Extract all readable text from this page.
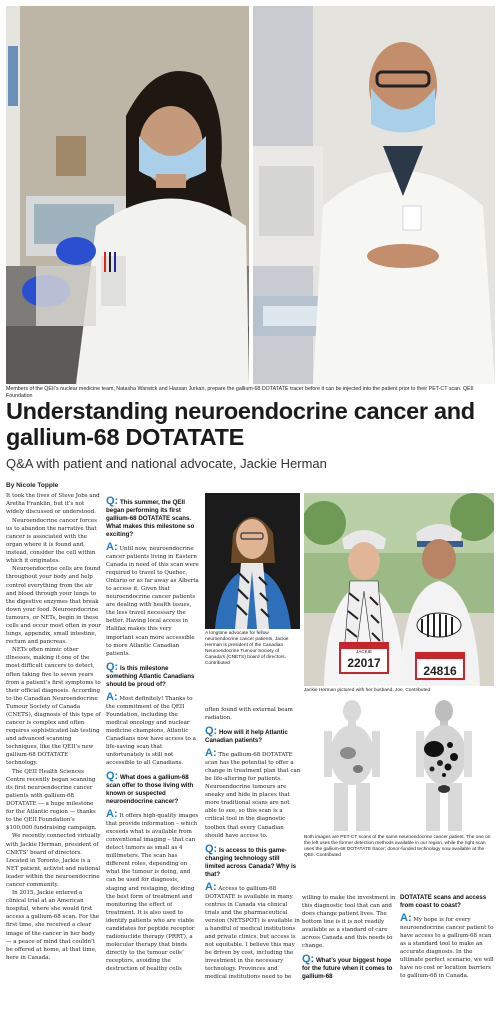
Members of the QEII’s nuclear medicine team, Natasha Warwick and Hassan Jurkari, prepare the gallium-68 DOTATATE tracer before it can be injected into the patient prior to their PET-CT scan. QEII Foundation
Understanding neuroendocrine cancer and gallium-68 DOTATATE
Q&A with patient and national advocate, Jackie Herman
By Nicole Topple

It took the lives of Steve Jobs and Aretha Franklin, but it’s not widely discussed or understood.

Neuroendocrine cancer forces us to abandon the narrative that cancer is associated with the organ where it is found and, instead, consider the cell within which it originates.

Neuroendocrine cells are found throughout your body and help control everything from the air and blood through your lungs to the digestive enzymes that break down your food. Neuroendocrine tumours, or NETs, begin in these cells and occur most often in your lungs, appendix, small intestine, rectum and pancreas.

NETs often mimic other illnesses, making it one of the most difficult cancers to detect, often taking five to seven years from a patient’s first symptoms to their official diagnosis. According to the Canadian Neuroendocrine Tumour Society of Canada (CNETS), diagnosis of this type of cancer is complex and often requires sophisticated lab testing and advanced scanning techniques, like the QEII’s new gallium-68 DOTATATE technology.

The QEII Health Sciences Centre recently began scanning its first neuroendocrine cancer patients with gallium-68 DOTATATE — a huge milestone for the Atlantic region — thanks to the QEII Foundation’s $100,000 fundraising campaign.

We recently connected virtually with Jackie Herman, president of CNETS’ board of directors. Located in Toronto, Jackie is a NET patient, activist and national leader within the neuroendocrine cancer community.

In 2015, Jackie entered a clinical trial at an American hospital, where she would first access a gallium-68 scan. For the first time, she received a clear image of the cancer in her body — a peace of mind that couldn’t be offered at home, at that time, here in Canada.

Q: This summer, the QEII began performing its first gallium-68 DOTATATE scans. What makes this milestone so exciting?
A: Until now, neuroendocrine cancer patients living in Eastern Canada in need of this scan were required to travel to Quebec, Ontario or as far away as Alberta to access it. Given that neuroendocrine cancer patients are dealing with health issues, the less travel necessary the better. Having local access in Halifax makes this very important scan more accessible to more Atlantic Canadian patients.
Q: Is this milestone something Atlantic Canadians should be proud of?
A: Most definitely! Thanks to the commitment of the QEII Foundation, including the medical oncology and nuclear medicine champions, Atlantic Canadians now have access to a life-saving scan that unfortunately is still not accessible to all Canadians.
Q: What does a gallium-68 scan offer to those living with known or suspected neuroendocrine cancer?
A: It offers high-quality images that provide information – which exceeds what is available from conventional imaging – that can detect tumors as small as 4 millimeters. The scan has different roles, depending on what the tumour is doing, and can be used for diagnosis, staging and restaging, deciding the best form of treatment and monitoring the effect of treatment. It is also used to identify patients who are viable candidates for peptide receptor radionuclide therapy (PRRT), a molecular therapy that binds directly to the tumour cells’ receptors, avoiding the destruction of healthy cells
A longtime advocate for fellow neuroendocrine cancer patients, Jackie Herman is president of the Canadian Neuroendocrine Tumour Society of Canada’s (CNETS) board of directors. Contributed
JACKIE
22017
24816
Jackie Herman pictured with her husband, Joe. Contributed
Both images are PET-CT scans of the same neuroendocrine cancer patient. The one on the left uses the former detection methods available in our region, while the right scan uses the gallium-68 DOTATATE tracer; donor-funded technology now available at the QEII. Contributed

often found with external beam radiation.

Q: How will it help Atlantic Canadian patients?
A: The gallium-68 DOTATATE scan has the potential to offer a change in treatment plan that can be life-altering for patients. Neuroendocrine tumours are sneaky and hide in places that more traditional scans are not able to see, so this scan is a critical tool in the diagnostic toolbox that every Canadian should have access to.
Q: Is access to this game-changing technology still limited across Canada? Why is that?
A: Access to gallium-68 DOTATATE is available in many centres in Canada via clinical trials and the pharmaceutical version (NETSPOT) is available in a handful of medical institutions and private clinics, but access is not equitable. I believe this may be driven by cost, including the investment in the necessary technology. Provinces and medical institutions need to be

willing to make the investment in this diagnostic tool that can and does change patient lives. The bottom line is it is not readily available as a standard of care across Canada and this needs to change.

Q: What’s your biggest hope for the future when it comes to gallium-68
DOTATATE scans and access from coast to coast?
A: My hope is for every neuroendocrine cancer patient to have access to a gallium-68 scan as a standard tool to make an accurate diagnosis. In the ultimate perfect scenario, we will have no cost or location barriers to gallium-68 in Canada.
